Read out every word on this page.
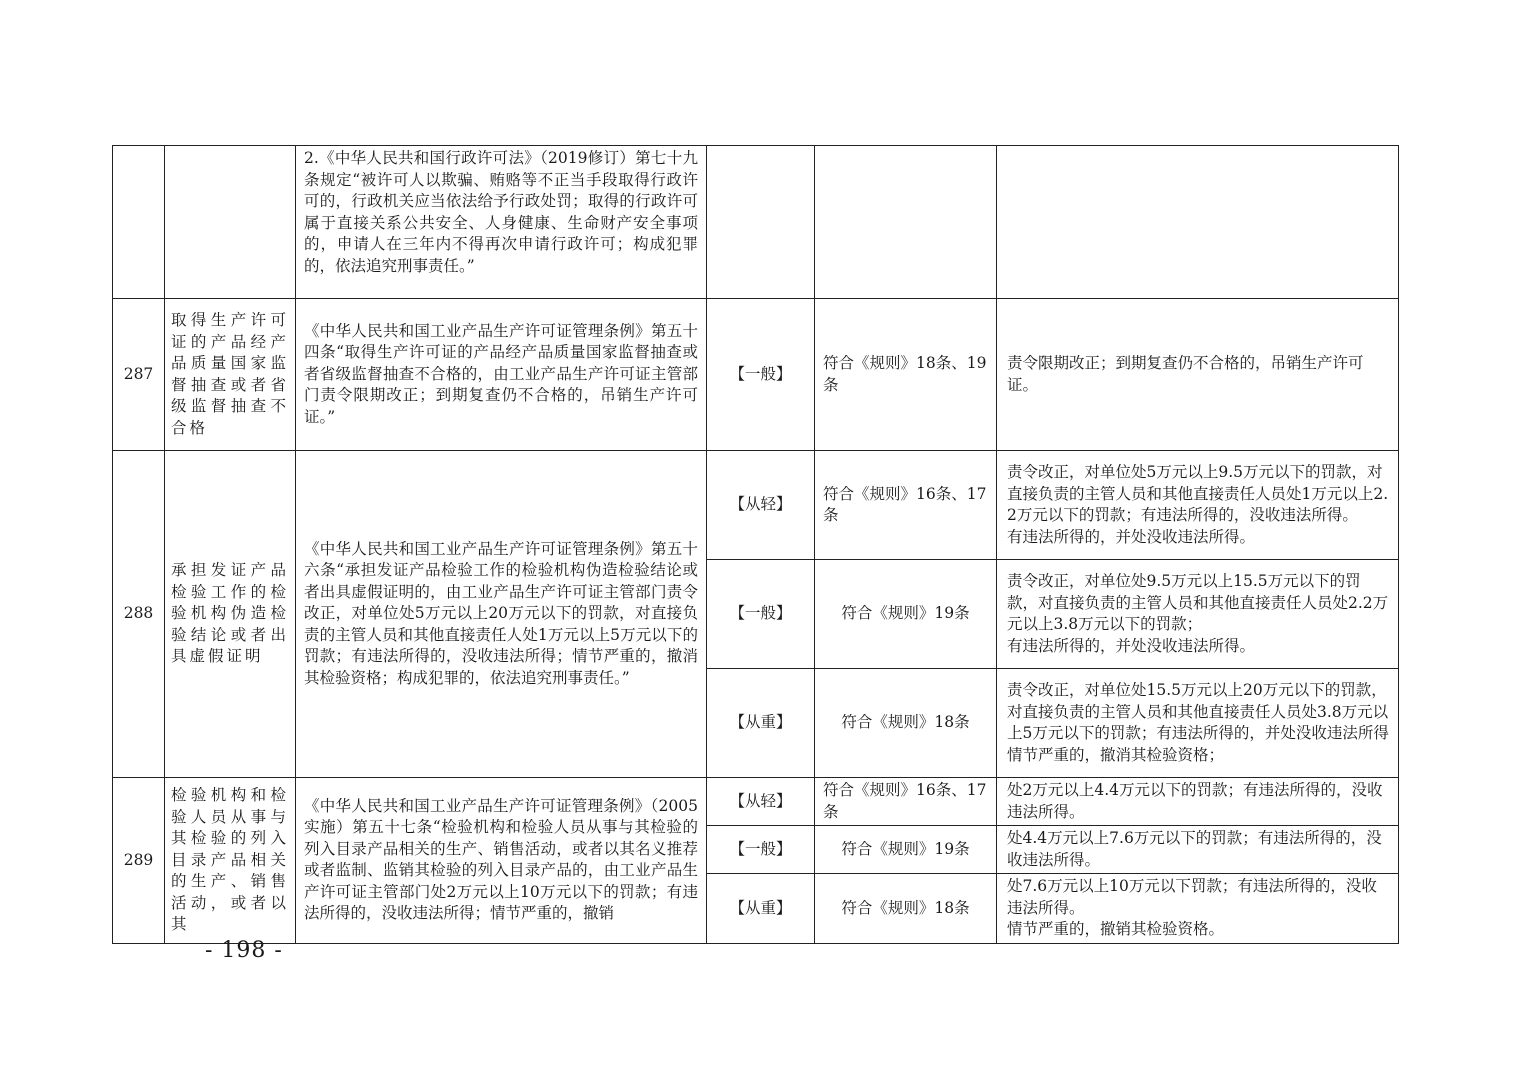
		2.《中华人民共和国行政许可法》（2019修订）第七十九条规定“被许可人以欺骗、贿赂等不正当手段取得行政许可的，行政机关应当依法给予行政处罚；取得的行政许可属于直接关系公共安全、人身健康、生命财产安全事项的，申请人在三年内不得再次申请行政许可；构成犯罪的，依法追究刑事责任。”			
287	取得生产许可证的产品经产品质量国家监督抽查或者省级监督抽查不合格	《中华人民共和国工业产品生产许可证管理条例》第五十四条“取得生产许可证的产品经产品质量国家监督抽查或者省级监督抽查不合格的，由工业产品生产许可证主管部门责令限期改正；到期复查仍不合格的，吊销生产许可证。”	【一般】	符合《规则》18条、19条	责令限期改正；到期复查仍不合格的，吊销生产许可证。
288	承担发证产品检验工作的检验机构伪造检验结论或者出具虚假证明	《中华人民共和国工业产品生产许可证管理条例》第五十六条“承担发证产品检验工作的检验机构伪造检验结论或者出具虚假证明的，由工业产品生产许可证主管部门责令改正，对单位处5万元以上20万元以下的罚款，对直接负责的主管人员和其他直接责任人处1万元以上5万元以下的罚款；有违法所得的，没收违法所得；情节严重的，撤消其检验资格；构成犯罪的，依法追究刑事责任。”	【从轻】	符合《规则》16条、17条	责令改正，对单位处5万元以上9.5万元以下的罚款，对直接负责的主管人员和其他直接责任人员处1万元以上2.2万元以下的罚款；有违法所得的，没收违法所得。
有违法所得的，并处没收违法所得。

			【一般】	符合《规则》19条	责令改正，对单位处9.5万元以上15.5万元以下的罚款，对直接负责的主管人员和其他直接责任人员处2.2万元以上3.8万元以下的罚款；
有违法所得的，并处没收违法所得。

			【从重】	符合《规则》18条	责令改正，对单位处15.5万元以上20万元以下的罚款，对直接负责的主管人员和其他直接责任人员处3.8万元以上5万元以下的罚款；有违法所得的，并处没收违法所得
情节严重的，撤消其检验资格；

289	检验机构和检验人员从事与其检验的列入目录产品相关的生产、销售活动，或者以其	《中华人民共和国工业产品生产许可证管理条例》（2005实施）第五十七条“检验机构和检验人员从事与其检验的列入目录产品相关的生产、销售活动，或者以其名义推荐或者监制、监销其检验的列入目录产品的，由工业产品生产许可证主管部门处2万元以上10万元以下的罚款；有违法所得的，没收违法所得；情节严重的，撤销	【从轻】	符合《规则》16条、17条	处2万元以上4.4万元以下的罚款；有违法所得的，没收违法所得。

			【一般】	符合《规则》19条	处4.4万元以上7.6万元以下的罚款；有违法所得的，没收违法所得。

			【从重】	符合《规则》18条	处7.6万元以上10万元以下罚款；有违法所得的，没收违法所得。
情节严重的，撤销其检验资格。
- 198 -
